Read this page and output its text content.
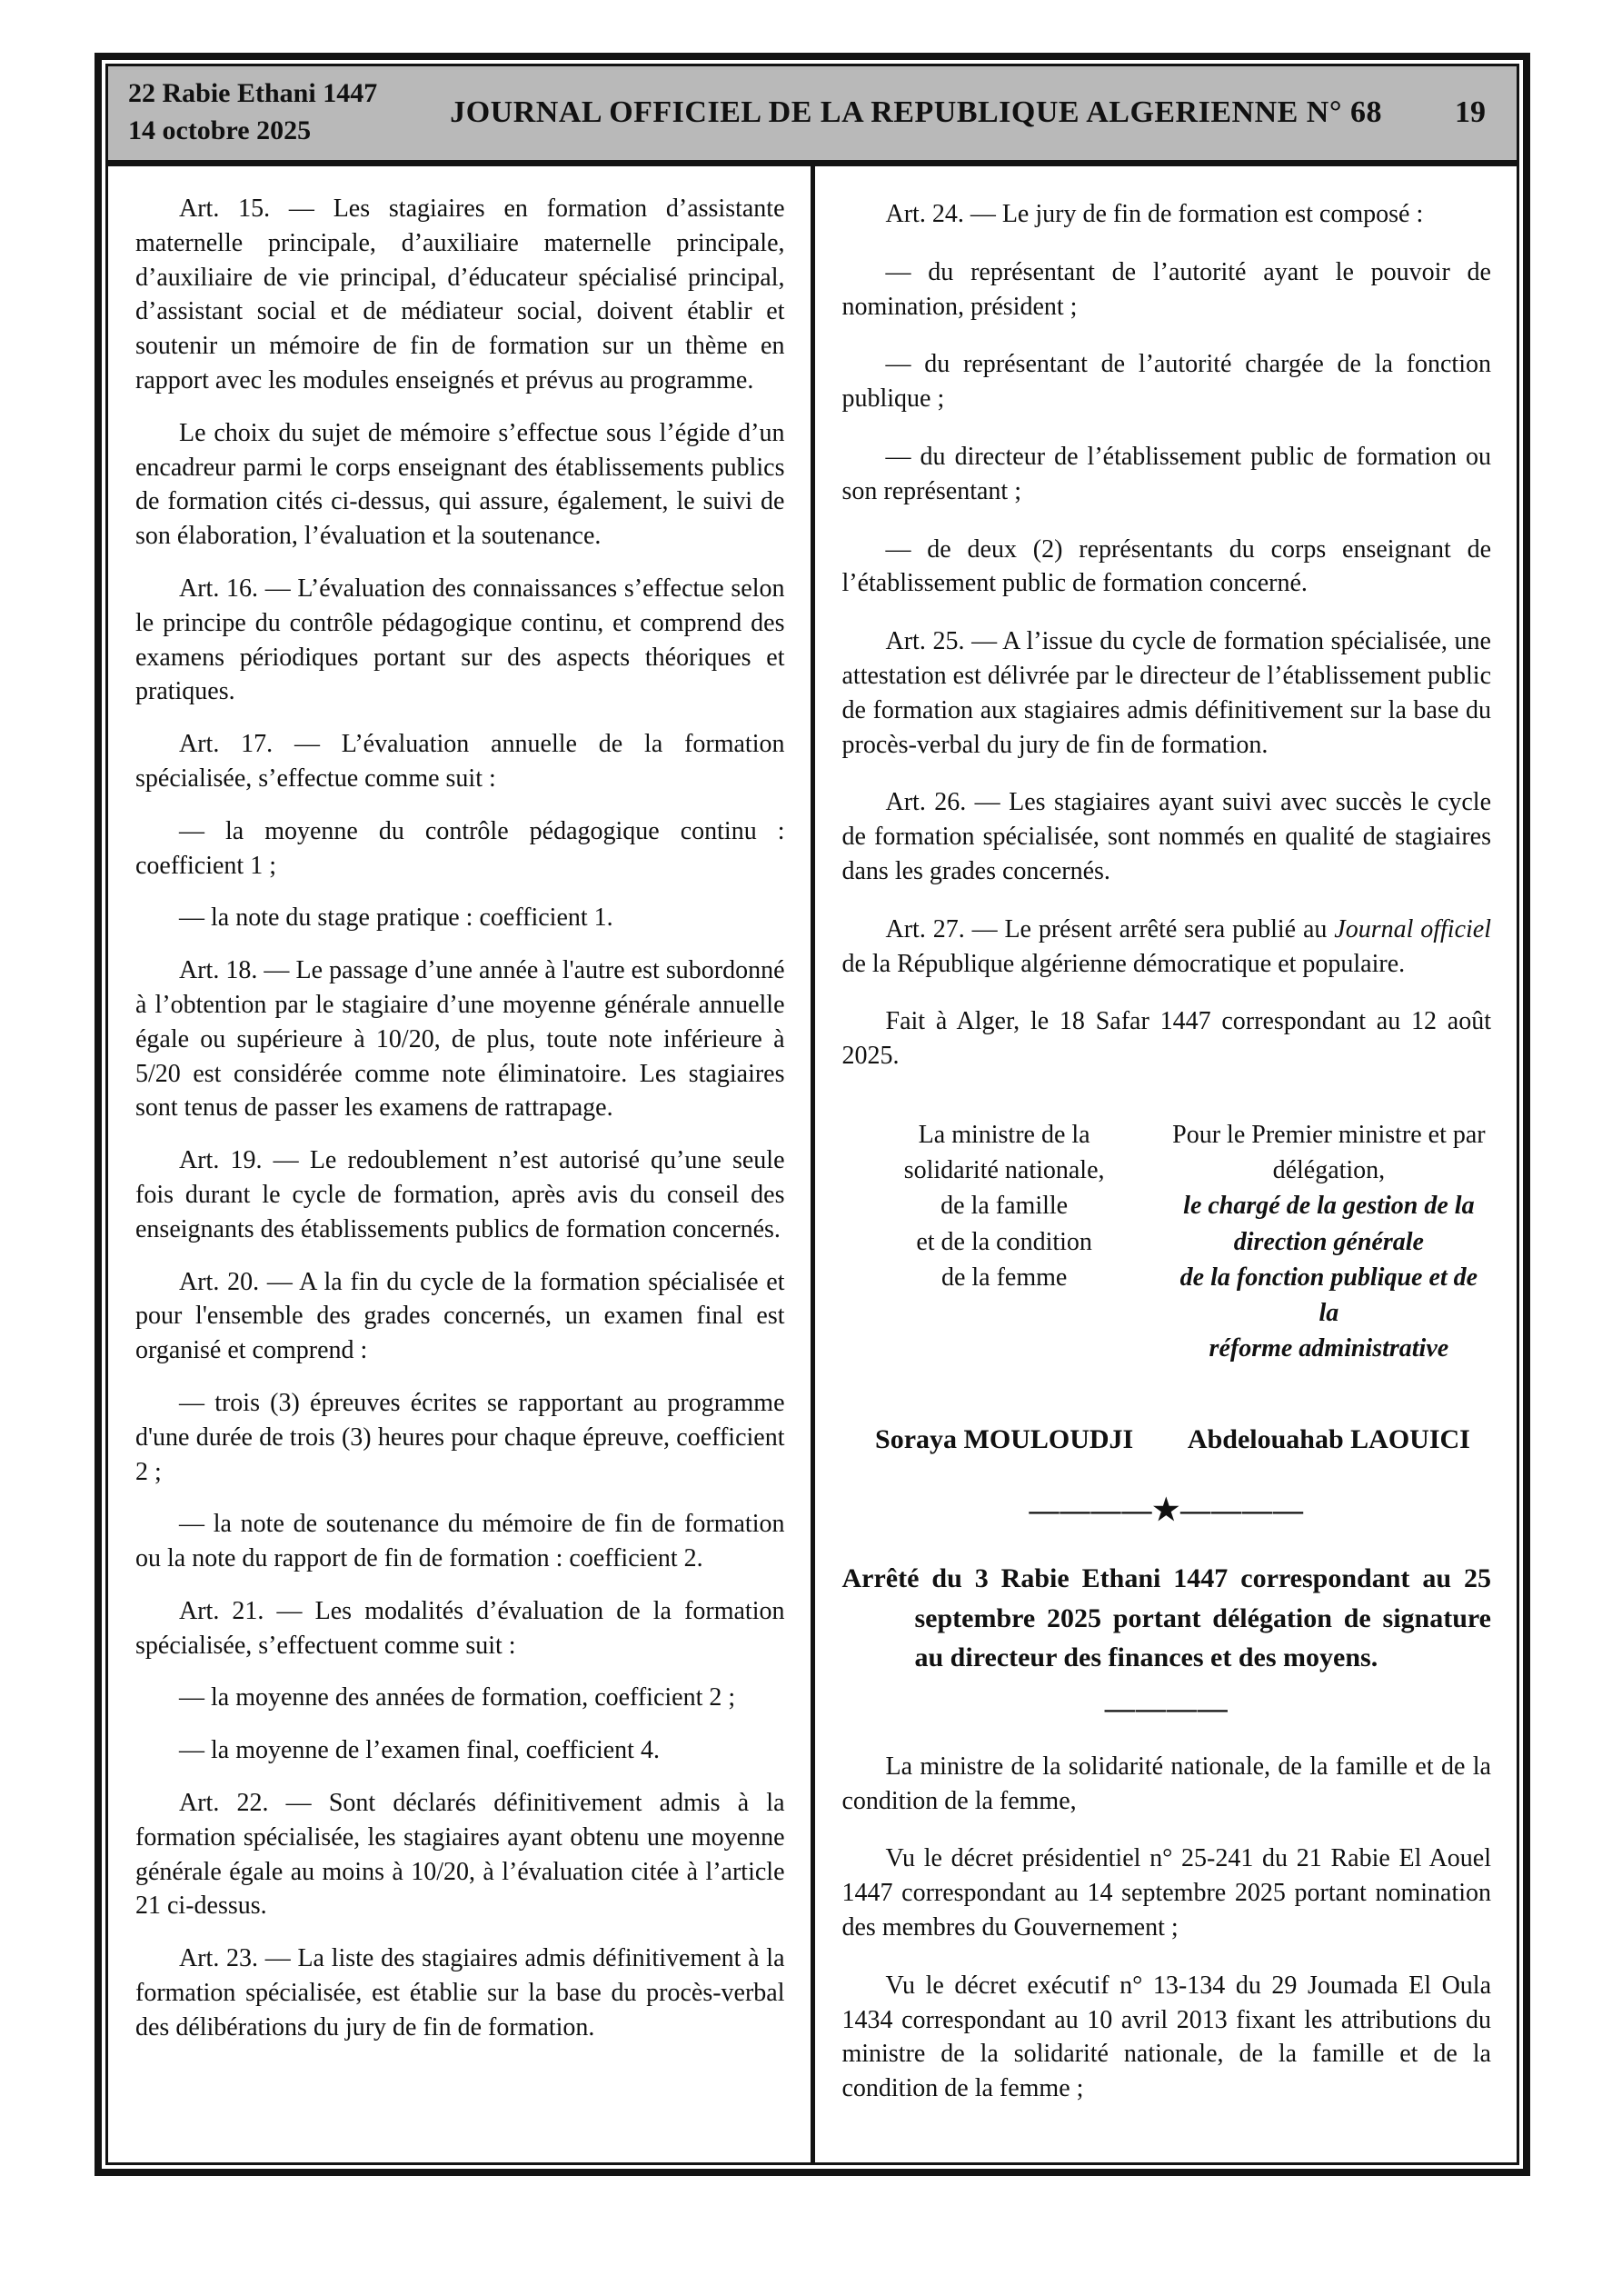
22 Rabie Ethani 1447
14 octobre 2025
JOURNAL OFFICIEL DE LA REPUBLIQUE ALGERIENNE N° 68	19

Art. 15. — Les stagiaires en formation d’assistante maternelle principale, d’auxiliaire maternelle principale, d’auxiliaire de vie principal, d’éducateur spécialisé principal, d’assistant social et de médiateur social, doivent établir et soutenir un mémoire de fin de formation sur un thème en rapport avec les modules enseignés et prévus au programme.

Le choix du sujet de mémoire s’effectue sous l’égide d’un encadreur parmi le corps enseignant des établissements publics de formation cités ci-dessus, qui assure, également, le suivi de son élaboration, l’évaluation et la soutenance.

Art. 16. — L’évaluation des connaissances s’effectue selon le principe du contrôle pédagogique continu, et comprend des examens périodiques portant sur des aspects théoriques et pratiques.

Art. 17. — L’évaluation annuelle de la formation spécialisée, s’effectue comme suit :

— la moyenne du contrôle pédagogique continu : coefficient 1 ;

— la note du stage pratique : coefficient 1.

Art. 18. — Le passage d’une année à l'autre est subordonné à l’obtention par le stagiaire d’une moyenne générale annuelle égale ou supérieure à 10/20, de plus, toute note inférieure à 5/20 est considérée comme note éliminatoire. Les stagiaires sont tenus de passer les examens de rattrapage.

Art. 19. — Le redoublement n’est autorisé qu’une seule fois durant le cycle de formation, après avis du conseil des enseignants des établissements publics de formation concernés.

Art. 20. — A la fin du cycle de la formation spécialisée et pour l'ensemble des grades concernés, un examen final est organisé et comprend :

— trois (3) épreuves écrites se rapportant au programme d'une durée de trois (3) heures pour chaque épreuve, coefficient 2 ;

— la note de soutenance du mémoire de fin de formation ou la note du rapport de fin de formation : coefficient 2.

Art. 21. — Les modalités d’évaluation de la formation spécialisée, s’effectuent comme suit :

— la moyenne des années de formation, coefficient 2 ;

— la moyenne de l’examen final, coefficient 4.

Art. 22. — Sont déclarés définitivement admis à la formation spécialisée, les stagiaires ayant obtenu une moyenne générale égale au moins à 10/20, à l’évaluation citée à l’article 21 ci-dessus.

Art. 23. — La liste des stagiaires admis définitivement à la formation spécialisée, est établie sur la base du procès-verbal des délibérations du jury de fin de formation.

Art. 24. — Le jury de fin de formation est composé :

— du représentant de l’autorité ayant le pouvoir de nomination, président ;

— du représentant de l’autorité chargée de la fonction publique ;

— du directeur de l’établissement public de formation ou son représentant ;

— de deux (2) représentants du corps enseignant de l’établissement public de formation concerné.

Art. 25. — A l’issue du cycle de formation spécialisée, une attestation est délivrée par le directeur de l’établissement public de formation aux stagiaires admis définitivement sur la base du procès-verbal du jury de fin de formation.

Art. 26. — Les stagiaires ayant suivi avec succès le cycle de formation spécialisée, sont nommés en qualité de stagiaires dans les grades concernés.

Art. 27. — Le présent arrêté sera publié au Journal officiel de la République algérienne démocratique et populaire.

Fait à Alger, le 18 Safar 1447 correspondant au 12 août 2025.

La ministre de la
solidarité nationale,
de la famille
et de la condition
de la femme
Pour le Premier ministre et par
délégation,
le chargé de la gestion de la
direction générale
de la fonction publique et de la
réforme administrative
Soraya MOULOUDJI	Abdelouahab LAOUICI
————★————

Arrêté du 3 Rabie Ethani 1447 correspondant au 25 septembre 2025 portant délégation de signature au directeur des finances et des moyens.

————

La ministre de la solidarité nationale, de la famille et de la condition de la femme,

Vu le décret présidentiel n° 25-241 du 21 Rabie El Aouel 1447 correspondant au 14 septembre 2025 portant nomination des membres du Gouvernement ;

Vu le décret exécutif n° 13-134 du 29 Joumada El Oula 1434 correspondant au 10 avril 2013 fixant les attributions du ministre de la solidarité nationale, de la famille et de la condition de la femme ;
